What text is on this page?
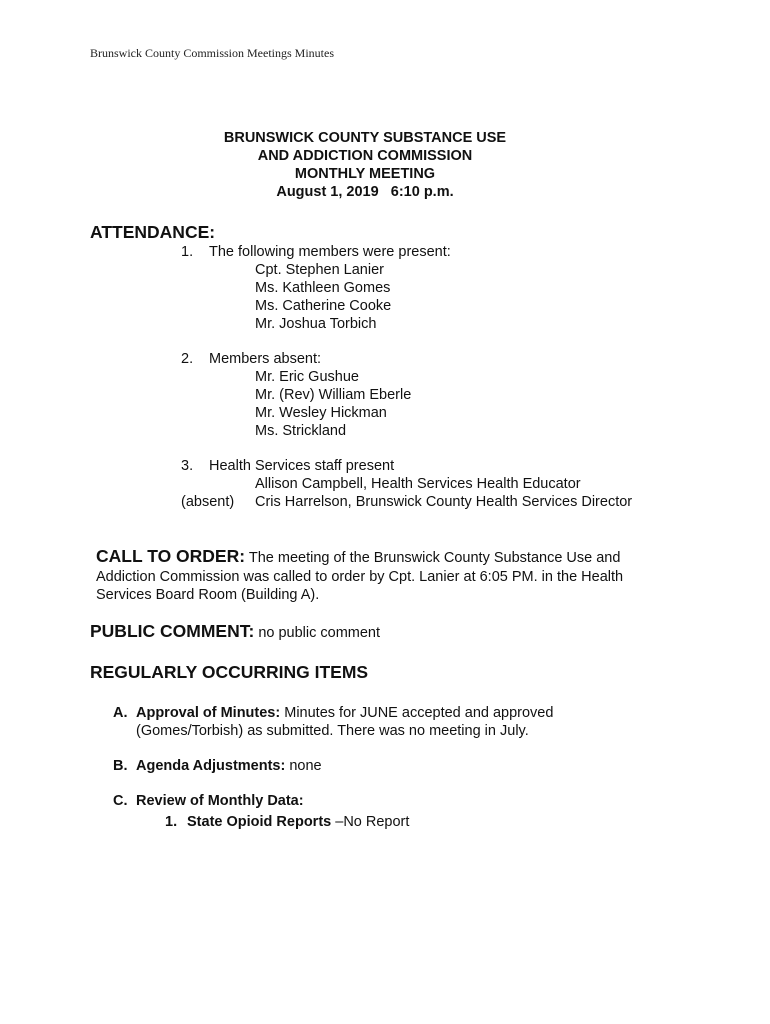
Brunswick County Commission Meetings Minutes
BRUNSWICK COUNTY SUBSTANCE USE
AND ADDICTION COMMISSION
MONTHLY MEETING
August 1, 2019   6:10 p.m.
ATTENDANCE:
1. The following members were present:
Cpt. Stephen Lanier
Ms. Kathleen Gomes
Ms. Catherine Cooke
Mr. Joshua Torbich
2. Members absent:
Mr. Eric Gushue
Mr. (Rev) William Eberle
Mr. Wesley Hickman
Ms. Strickland
3. Health Services staff present
Allison Campbell, Health Services Health Educator
(absent) Cris Harrelson, Brunswick County Health Services Director
CALL TO ORDER: The meeting of the Brunswick County Substance Use and
Addiction Commission was called to order by Cpt. Lanier at 6:05 PM. in the Health
Services Board Room (Building A).
PUBLIC COMMENT: no public comment
REGULARLY OCCURRING ITEMS
A. Approval of Minutes: Minutes for JUNE accepted and approved
(Gomes/Torbish) as submitted. There was no meeting in July.
B. Agenda Adjustments: none
C. Review of Monthly Data:
1. State Opioid Reports –No Report
